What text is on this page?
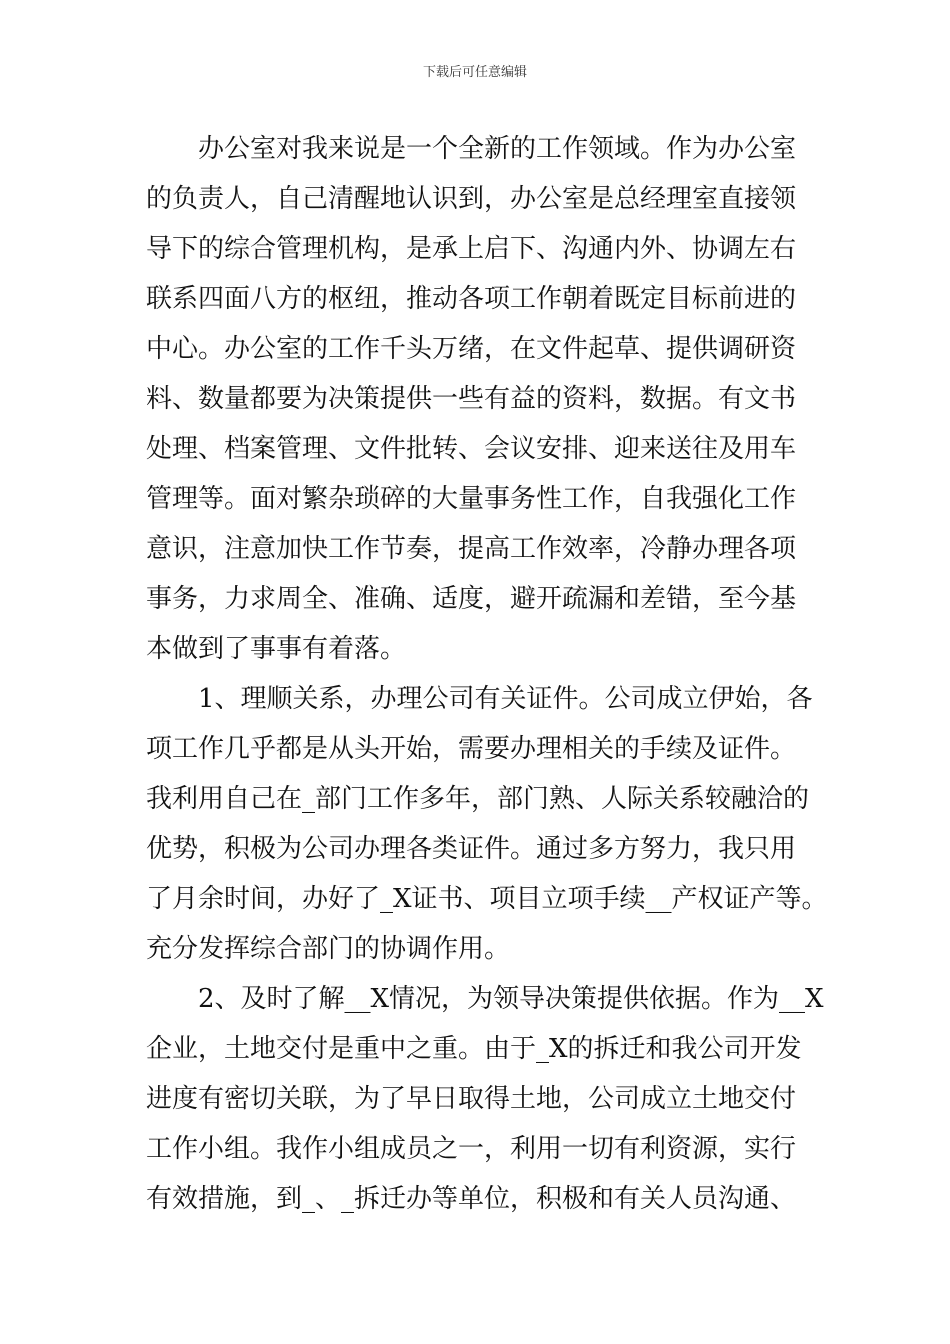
下载后可任意编辑
办公室对我来说是一个全新的工作领域。作为办公室
的负责人，自己清醒地认识到，办公室是总经理室直接领
导下的综合管理机构，是承上启下、沟通内外、协调左右
联系四面八方的枢纽，推动各项工作朝着既定目标前进的
中心。办公室的工作千头万绪，在文件起草、提供调研资
料、数量都要为决策提供一些有益的资料，数据。有文书
处理、档案管理、文件批转、会议安排、迎来送往及用车
管理等。面对繁杂琐碎的大量事务性工作，自我强化工作
意识，注意加快工作节奏，提高工作效率，冷静办理各项
事务，力求周全、准确、适度，避开疏漏和差错，至今基
本做到了事事有着落。
1、理顺关系，办理公司有关证件。公司成立伊始，各
项工作几乎都是从头开始，需要办理相关的手续及证件。
我利用自己在_部门工作多年，部门熟、人际关系较融洽的
优势，积极为公司办理各类证件。通过多方努力，我只用
了月余时间，办好了_X证书、项目立项手续__产权证产等。
充分发挥综合部门的协调作用。
2、及时了解__X情况，为领导决策提供依据。作为__X
企业，土地交付是重中之重。由于_X的拆迁和我公司开发
进度有密切关联，为了早日取得土地，公司成立土地交付
工作小组。我作小组成员之一，利用一切有利资源，实行
有效措施，到_、_拆迁办等单位，积极和有关人员沟通、
